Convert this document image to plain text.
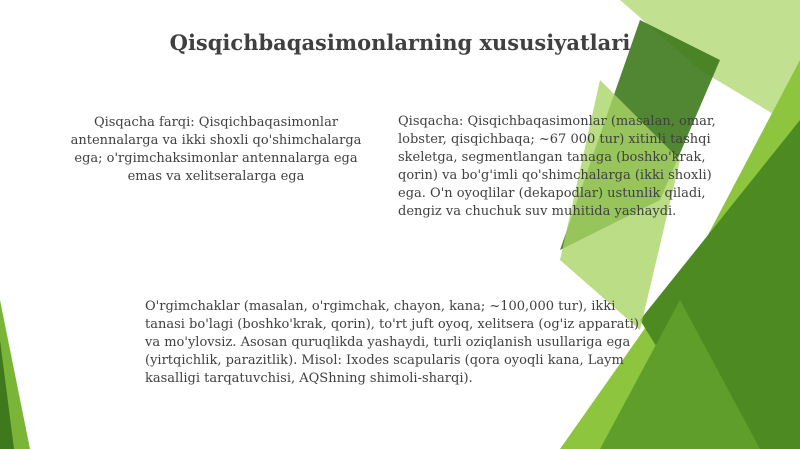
Qisqichbaqasimonlarning xususiyatlari
Qisqacha farqi: Qisqichbaqasimonlar antennalarga va ikki shoxli qo'shimchalarga ega; o'rgimchaksimonlar antennalarga ega emas va xelitseralarga ega
Qisqacha: Qisqichbaqasimonlar (masalan, omar, lobster, qisqichbaqa; ~67 000 tur) xitinli tashqi skeletga, segmentlangan tanaga (boshko'krak, qorin) va bo'g'imli qo'shimchalarga (ikki shoxli) ega. O'n oyoqlilar (dekapodlar) ustunlik qiladi, dengiz va chuchuk suv muhitida yashaydi.
O'rgimchaklar (masalan, o'rgimchak, chayon, kana; ~100,000 tur), ikki tanasi bo'lagi (boshko'krak, qorin), to'rt juft oyoq, xelitsera (og'iz apparati) va mo'ylovsiz. Asosan quruqlikda yashaydi, turli oziqlanish usullariga ega (yirtqichlik, parazitlik). Misol: Ixodes scapularis (qora oyoqli kana, Laym kasalligi tarqatuvchisi, AQShning shimoli-sharqi).
